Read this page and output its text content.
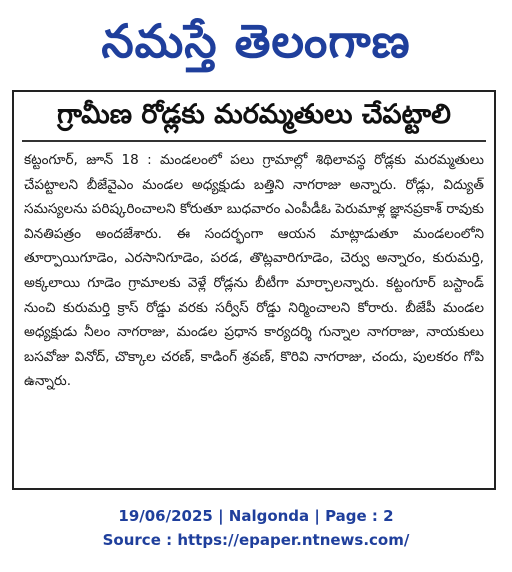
నమస్తే తెలంగాణ
గ్రామీణ రోడ్లకు మరమ్మతులు చేపట్టాలి
కట్టంగూర్, జూన్ 18 : మండలంలో పలు గ్రామాల్లో శిథిలావస్థ రోడ్లకు మరమ్మతులు చేపట్టాలని బీజేవైఎం మండల అధ్యక్షుడు బత్తిని నాగరాజు అన్నారు. రోడ్లు, విద్యుత్ సమస్యలను పరిష్కరించాలని కోరుతూ బుధవారం ఎంపీడీఓ పెరుమాళ్ల జ్ఞానప్రకాశ్ రావుకు వినతిపత్రం అందజేశారు. ఈ సందర్భంగా ఆయన మాట్లాడుతూ మండలంలోని తూర్పాయిగూడెం, ఎరసానిగూడెం, పరడ, తొట్లవారిగూడెం, చెర్వు అన్నారం, కురుమర్తి, అక్కలాయి గూడెం గ్రామాలకు వెళ్లే రోడ్లను బీటీగా మార్చాలన్నారు. కట్టంగూర్ బస్టాండ్ నుంచి కురుమర్తి క్రాస్ రోడ్డు వరకు సర్వీస్ రోడ్డు నిర్మించాలని కోరారు. బీజేపీ మండల అధ్యక్షుడు నీలం నాగరాజు, మండల ప్రధాన కార్యదర్శి గున్నాల నాగరాజు, నాయకులు బసవోజు వినోద్, చొక్కాల చరణ్, కాడింగ్ శ్రవణ్, కొరివి నాగరాజు, చందు, పులకరం గోపి ఉన్నారు.
19/06/2025 | Nalgonda | Page : 2
Source : https://epaper.ntnews.com/
